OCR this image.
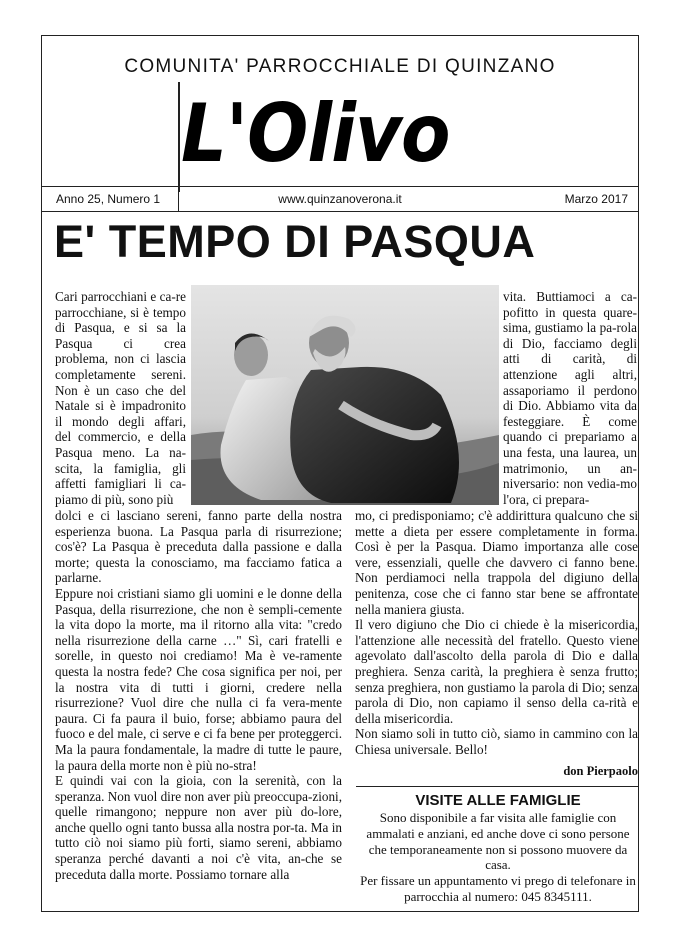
COMUNITA' PARROCCHIALE DI QUINZANO
L'Olivo
Anno 25, Numero 1	www.quinzanoverona.it	Marzo 2017
E' TEMPO DI PASQUA
Cari parrocchiani e ca-re parrocchiane, si è tempo di Pasqua, e si sa la Pasqua ci crea problema, non ci lascia completamente sereni. Non è un caso che del Natale si è impadronito il mondo degli affari, del commercio, e della Pasqua meno. La na-scita, la famiglia, gli affetti famigliari li ca-piamo di più, sono più
vita. Buttiamoci a ca-pofitto in questa quare-sima, gustiamo la pa-rola di Dio, facciamo degli atti di carità, di attenzione agli altri, assaporiamo il perdono di Dio. Abbiamo vita da festeggiare. È come quando ci prepariamo a una festa, una laurea, un matrimonio, un an-niversario: non vedia-mo l'ora, ci prepara-
dolci e ci lasciano sereni, fanno parte della nostra esperienza buona. La Pasqua parla di risurrezione; cos'è? La Pasqua è preceduta dalla passione e dalla morte; questa la conosciamo, ma facciamo fatica a parlarne.
Eppure noi cristiani siamo gli uomini e le donne della Pasqua, della risurrezione, che non è sempli-cemente la vita dopo la morte, ma il ritorno alla vita: "credo nella risurrezione della carne …" Sì, cari fratelli e sorelle, in questo noi crediamo! Ma è ve-ramente questa la nostra fede? Che cosa significa per noi, per la nostra vita di tutti i giorni, credere nella risurrezione? Vuol dire che nulla ci fa vera-mente paura. Ci fa paura il buio, forse; abbiamo paura del fuoco e del male, ci serve e ci fa bene per proteggerci. Ma la paura fondamentale, la madre di tutte le paure, la paura della morte non è più no-stra!
E quindi vai con la gioia, con la serenità, con la speranza. Non vuol dire non aver più preoccupa-zioni, quelle rimangono; neppure non aver più do-lore, anche quello ogni tanto bussa alla nostra por-ta. Ma in tutto ciò noi siamo più forti, siamo sereni, abbiamo speranza perché davanti a noi c'è vita, an-che se preceduta dalla morte. Possiamo tornare alla
mo, ci predisponiamo; c'è addirittura qualcuno che si mette a dieta per essere completamente in forma. Così è per la Pasqua. Diamo importanza alle cose vere, essenziali, quelle che davvero ci fanno bene. Non perdiamoci nella trappola del digiuno della penitenza, cose che ci fanno star bene se affrontate nella maniera giusta.
Il vero digiuno che Dio ci chiede è la misericordia, l'attenzione alle necessità del fratello. Questo viene agevolato dall'ascolto della parola di Dio e dalla preghiera. Senza carità, la preghiera è senza frutto; senza preghiera, non gustiamo la parola di Dio; senza parola di Dio, non capiamo il senso della ca-rità e della misericordia.
Non siamo soli in tutto ciò, siamo in cammino con la Chiesa universale. Bello!
don Pierpaolo
VISITE ALLE FAMIGLIE
Sono disponibile a far visita alle famiglie con ammalati e anziani, ed anche dove ci sono persone che temporaneamente non si possono muovere da casa.
Per fissare un appuntamento vi prego di telefonare in parrocchia al numero: 045 8345111.
